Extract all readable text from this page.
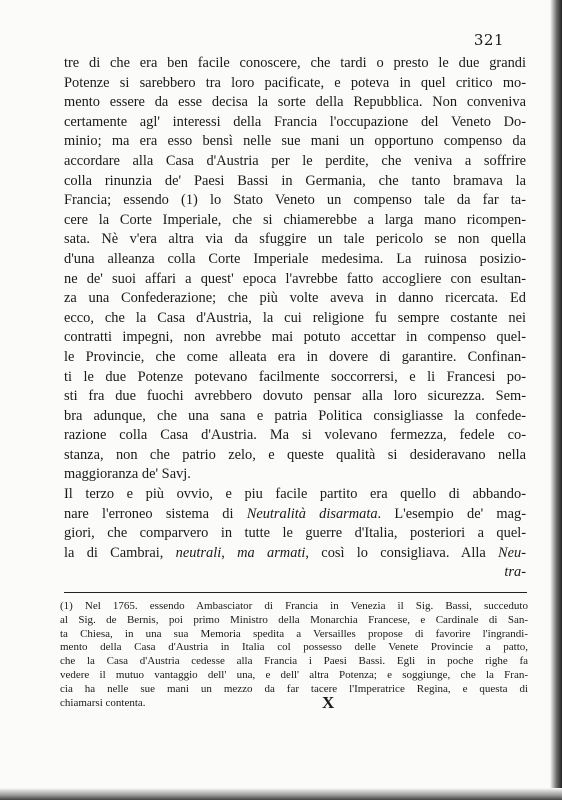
321
tre di che era ben facile conoscere, che tardi o presto le due grandi
Potenze si sarebbero tra loro pacificate, e poteva in quel critico mo-
mento essere da esse decisa la sorte della Repubblica. Non conveniva
certamente agl' interessi della Francia l'occupazione del Veneto Do-
minio; ma era esso bensì nelle sue mani un opportuno compenso da
accordare alla Casa d'Austria per le perdite, che veniva a soffrire
colla rinunzia de' Paesi Bassi in Germania, che tanto bramava la
Francia; essendo (1) lo Stato Veneto un compenso tale da far ta-
cere la Corte Imperiale, che si chiamerebbe a larga mano ricompen-
sata. Nè v'era altra via da sfuggire un tale pericolo se non quella
d'una alleanza colla Corte Imperiale medesima. La ruinosa posizio-
ne de' suoi affari a quest' epoca l'avrebbe fatto accogliere con esultan-
za una Confederazione; che più volte aveva in danno ricercata. Ed
ecco, che la Casa d'Austria, la cui religione fu sempre costante nei
contratti impegni, non avrebbe mai potuto accettar in compenso quel-
le Provincie, che come alleata era in dovere di garantire. Confinan-
ti le due Potenze potevano facilmente soccorrersi, e li Francesi po-
sti fra due fuochi avrebbero dovuto pensar alla loro sicurezza. Sem-
bra adunque, che una sana e patria Politica consigliasse la confede-
razione colla Casa d'Austria. Ma si volevano fermezza, fedele co-
stanza, non che patrio zelo, e queste qualità si desideravano nella
maggioranza de' Savj.
Il terzo e più ovvio, e piu facile partito era quello di abbando-
nare l'erroneo sistema di Neutralità disarmata. L'esempio de' mag-
giori, che comparvero in tutte le guerre d'Italia, posteriori a quel-
la di Cambrai, neutrali, ma armati, così lo consigliava. Alla Neu-
tra-
(1) Nel 1765. essendo Ambasciator di Francia in Venezia il Sig. Bassi, succeduto
al Sig. de Bernis, poi primo Ministro della Monarchia Francese, e Cardinale di San-
ta Chiesa, in una sua Memoria spedita a Versailles propose di favorire l'ingrandi-
mento della Casa d'Austria in Italia col possesso delle Venete Provincie a patto,
che la Casa d'Austria cedesse alla Francia i Paesi Bassi. Egli in poche righe fa
vedere il mutuo vantaggio dell' una, e dell' altra Potenza; e soggiunge, che la Fran-
cia ha nelle sue mani un mezzo da far tacere l'Imperatrice Regina, e questa di
chiamarsi contenta.	X
